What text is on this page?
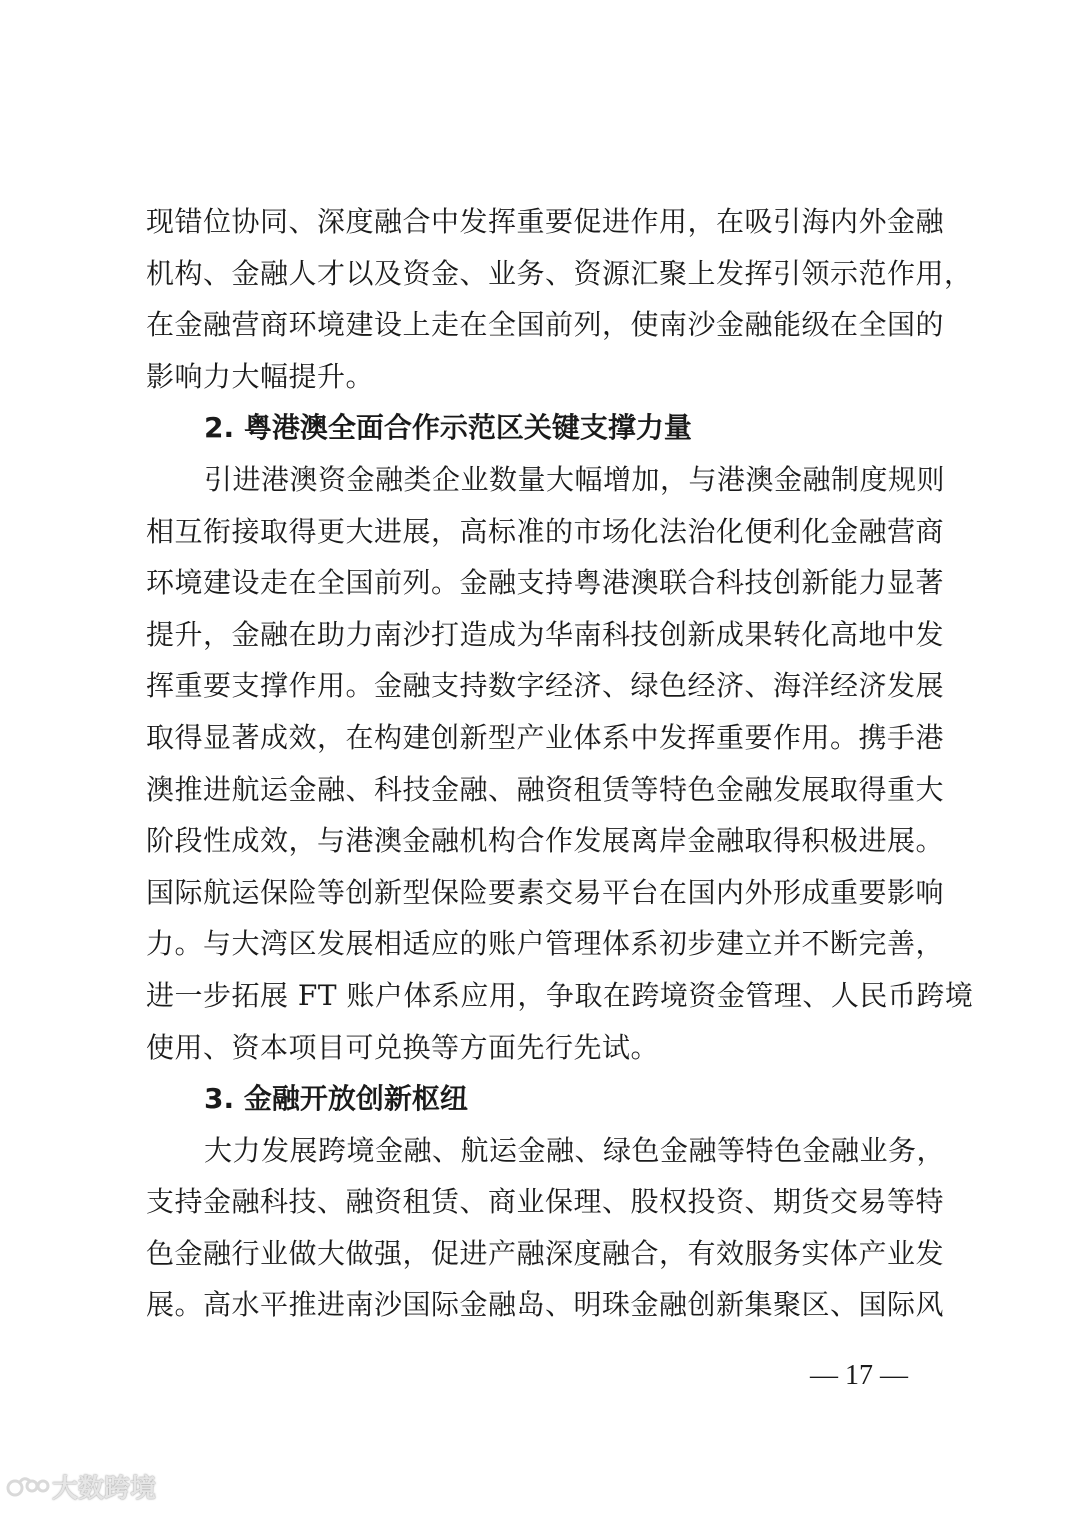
现错位协同、深度融合中发挥重要促进作用，在吸引海内外金融
机构、金融人才以及资金、业务、资源汇聚上发挥引领示范作用，
在金融营商环境建设上走在全国前列，使南沙金融能级在全国的
影响力大幅提升。

2. 粤港澳全面合作示范区关键支撑力量

引进港澳资金融类企业数量大幅增加，与港澳金融制度规则
相互衔接取得更大进展，高标准的市场化法治化便利化金融营商
环境建设走在全国前列。金融支持粤港澳联合科技创新能力显著
提升，金融在助力南沙打造成为华南科技创新成果转化高地中发
挥重要支撑作用。金融支持数字经济、绿色经济、海洋经济发展
取得显著成效，在构建创新型产业体系中发挥重要作用。携手港
澳推进航运金融、科技金融、融资租赁等特色金融发展取得重大
阶段性成效，与港澳金融机构合作发展离岸金融取得积极进展。
国际航运保险等创新型保险要素交易平台在国内外形成重要影响
力。与大湾区发展相适应的账户管理体系初步建立并不断完善，
进一步拓展 FT 账户体系应用，争取在跨境资金管理、人民币跨境
使用、资本项目可兑换等方面先行先试。

3. 金融开放创新枢纽

大力发展跨境金融、航运金融、绿色金融等特色金融业务，
支持金融科技、融资租赁、商业保理、股权投资、期货交易等特
色金融行业做大做强，促进产融深度融合，有效服务实体产业发
展。高水平推进南沙国际金融岛、明珠金融创新集聚区、国际风

— 17 —
大数跨境
